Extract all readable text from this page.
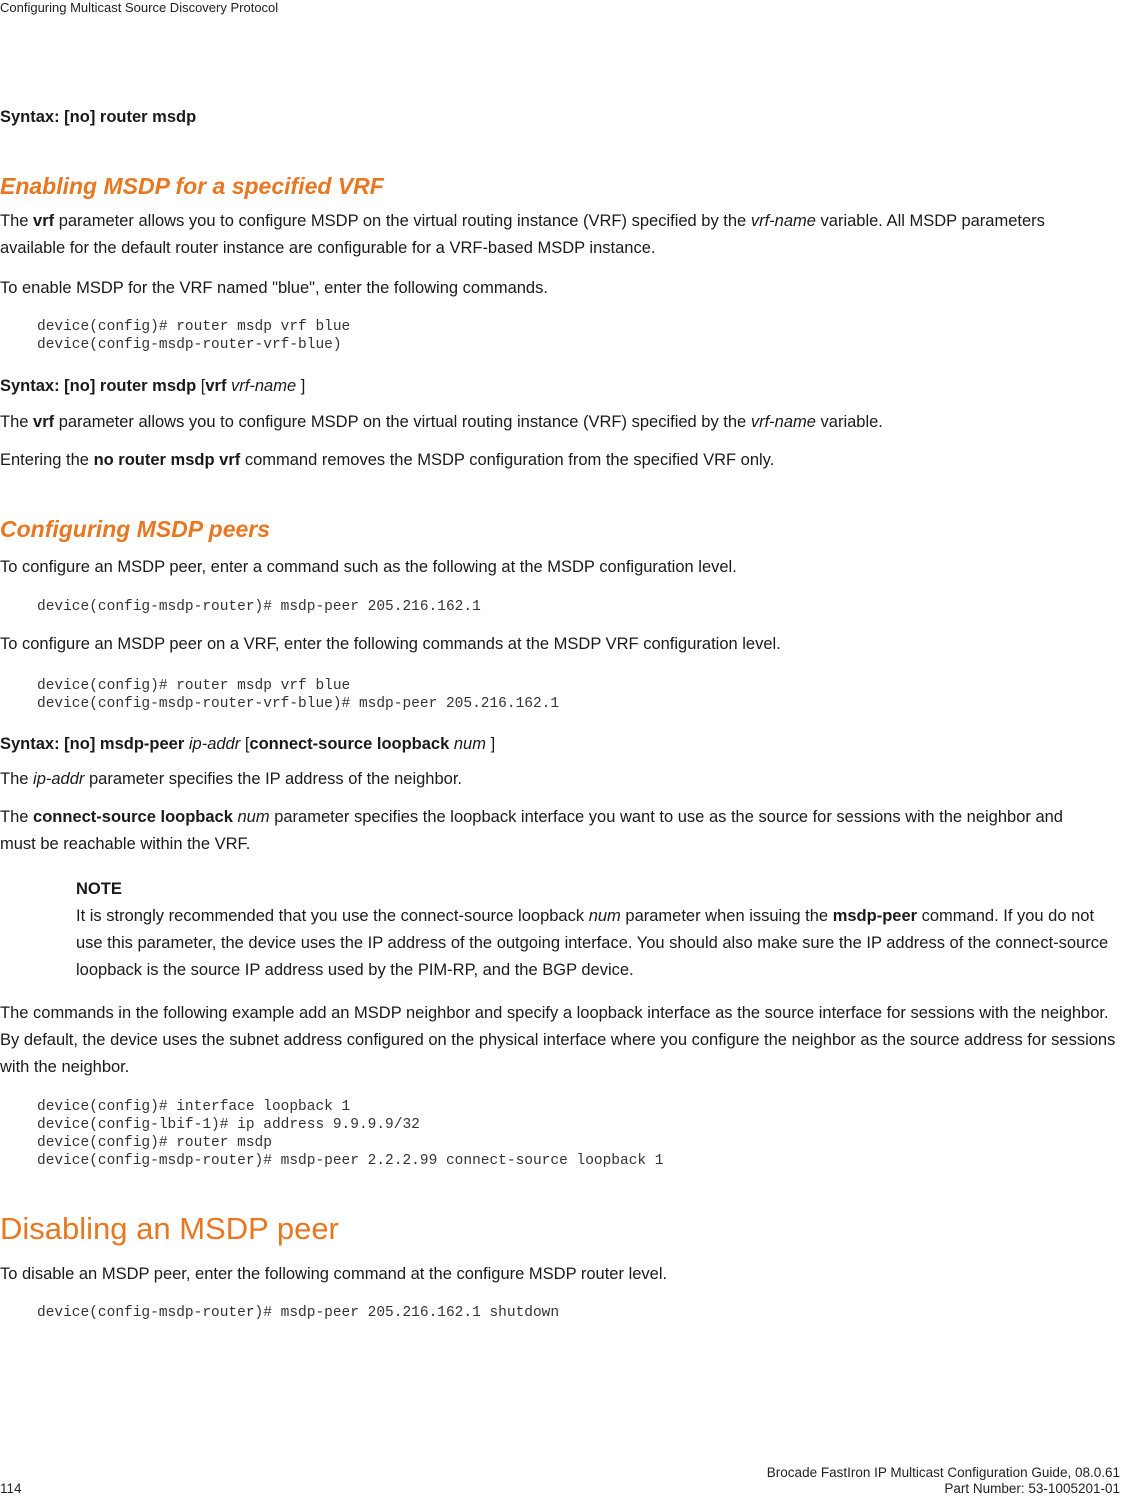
Configuring Multicast Source Discovery Protocol

Syntax: [no] router msdp

Enabling MSDP for a specified VRF

The vrf parameter allows you to configure MSDP on the virtual routing instance (VRF) specified by the vrf-name variable. All MSDP parameters available for the default router instance are configurable for a VRF-based MSDP instance.

To enable MSDP for the VRF named "blue", enter the following commands.

device(config)# router msdp vrf blue
device(config-msdp-router-vrf-blue)

Syntax: [no] router msdp [vrf vrf-name ]

The vrf parameter allows you to configure MSDP on the virtual routing instance (VRF) specified by the vrf-name variable.

Entering the no router msdp vrf command removes the MSDP configuration from the specified VRF only.

Configuring MSDP peers

To configure an MSDP peer, enter a command such as the following at the MSDP configuration level.

device(config-msdp-router)# msdp-peer 205.216.162.1

To configure an MSDP peer on a VRF, enter the following commands at the MSDP VRF configuration level.

device(config)# router msdp vrf blue
device(config-msdp-router-vrf-blue)# msdp-peer 205.216.162.1

Syntax: [no] msdp-peer ip-addr [connect-source loopback num ]

The ip-addr parameter specifies the IP address of the neighbor.

The connect-source loopback num parameter specifies the loopback interface you want to use as the source for sessions with the neighbor and must be reachable within the VRF.

NOTE

It is strongly recommended that you use the connect-source loopback num parameter when issuing the msdp-peer command. If you do not use this parameter, the device uses the IP address of the outgoing interface. You should also make sure the IP address of the connect-source loopback is the source IP address used by the PIM-RP, and the BGP device.

The commands in the following example add an MSDP neighbor and specify a loopback interface as the source interface for sessions with the neighbor. By default, the device uses the subnet address configured on the physical interface where you configure the neighbor as the source address for sessions with the neighbor.

device(config)# interface loopback 1
device(config-lbif-1)# ip address 9.9.9.9/32
device(config)# router msdp
device(config-msdp-router)# msdp-peer 2.2.2.99 connect-source loopback 1
Disabling an MSDP peer

To disable an MSDP peer, enter the following command at the configure MSDP router level.

device(config-msdp-router)# msdp-peer 205.216.162.1 shutdown
Brocade FastIron IP Multicast Configuration Guide, 08.0.61
Part Number: 53-1005201-01
114
